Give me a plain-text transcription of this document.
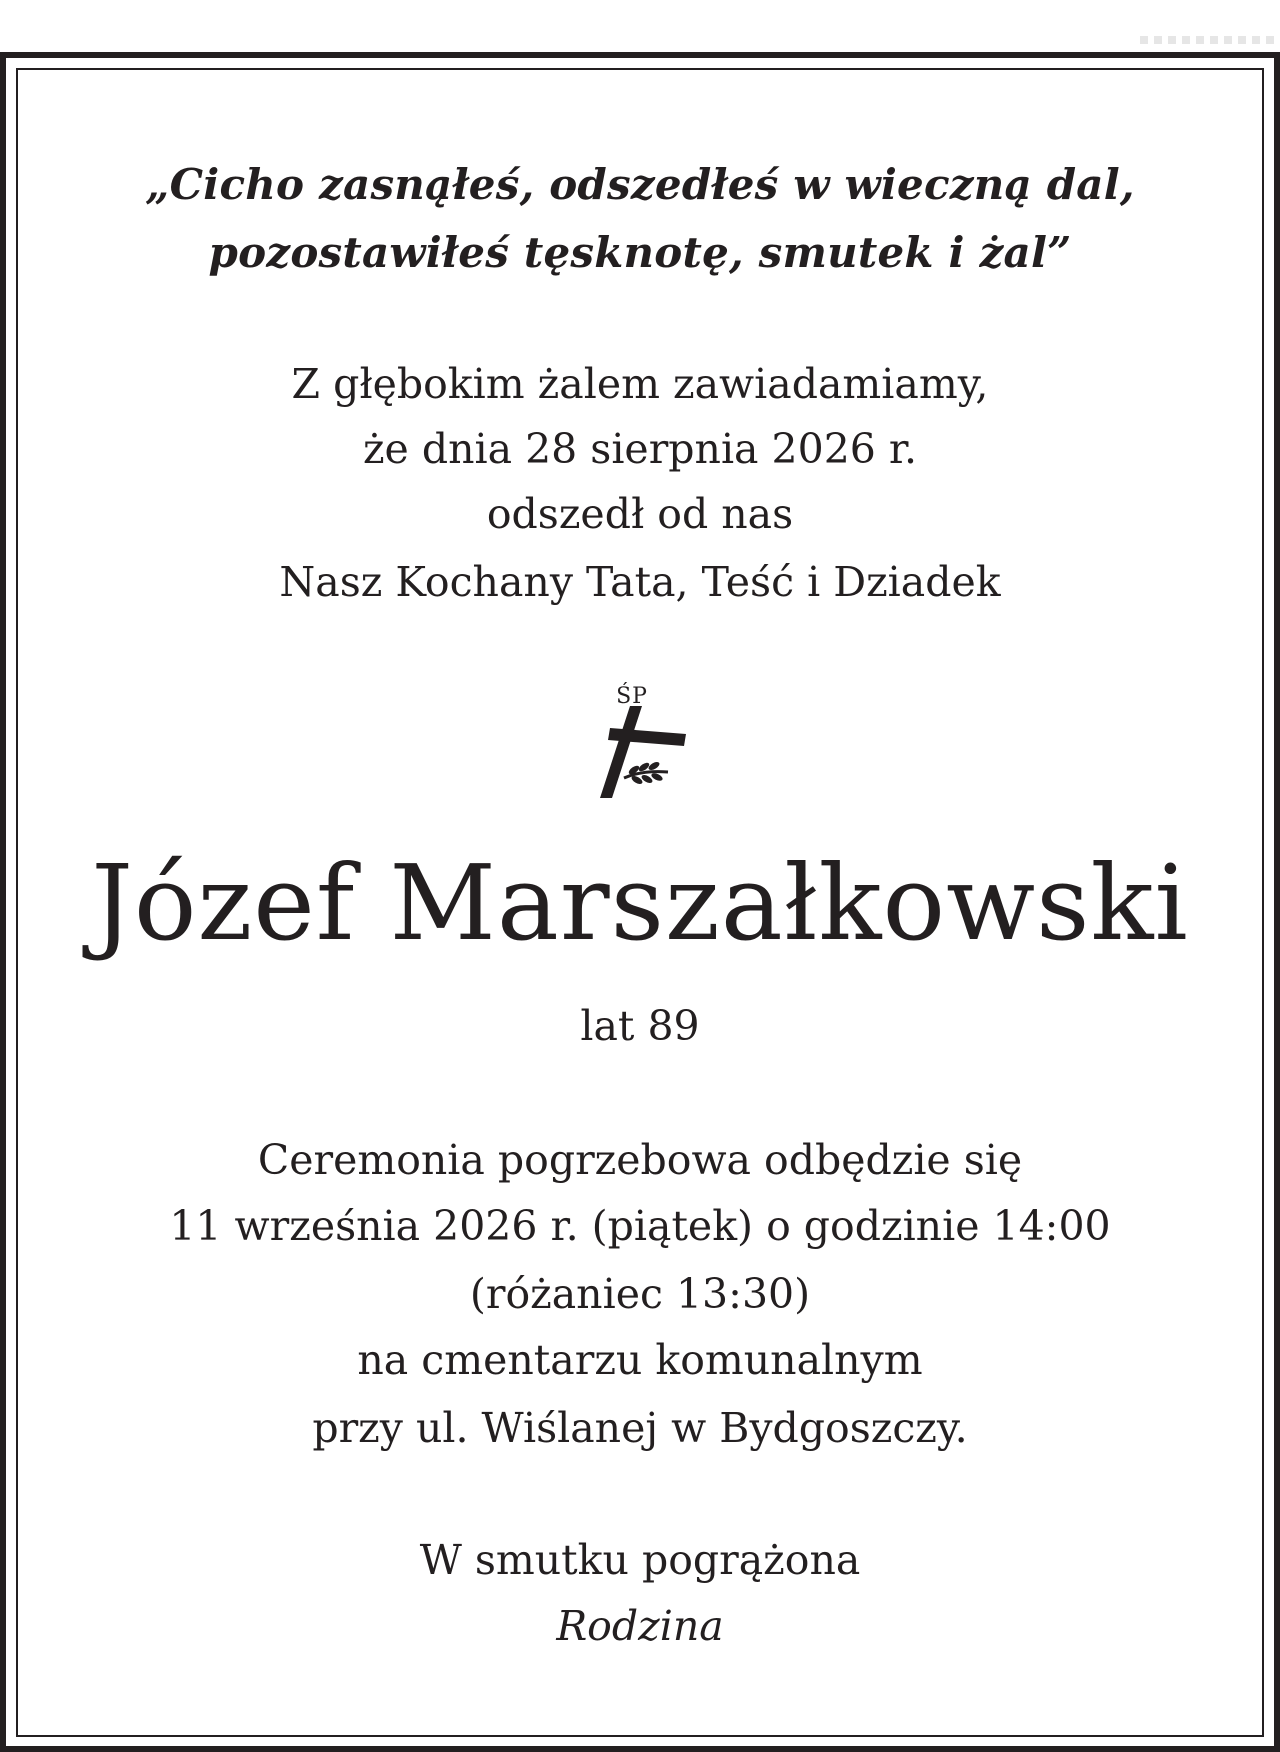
„Cicho zasnąłeś, odszedłeś w wieczną dal,
pozostawiłeś tęsknotę, smutek i żal”
Z głębokim żalem zawiadamiamy,
że dnia 28 sierpnia 2026 r.
odszedł od nas
Nasz Kochany Tata, Teść i Dziadek
ŚP
Józef Marszałkowski
lat 89
Ceremonia pogrzebowa odbędzie się
11 września 2026 r. (piątek) o godzinie 14:00
(różaniec 13:30)
na cmentarzu komunalnym
przy ul. Wiślanej w Bydgoszczy.
W smutku pogrążona
Rodzina
